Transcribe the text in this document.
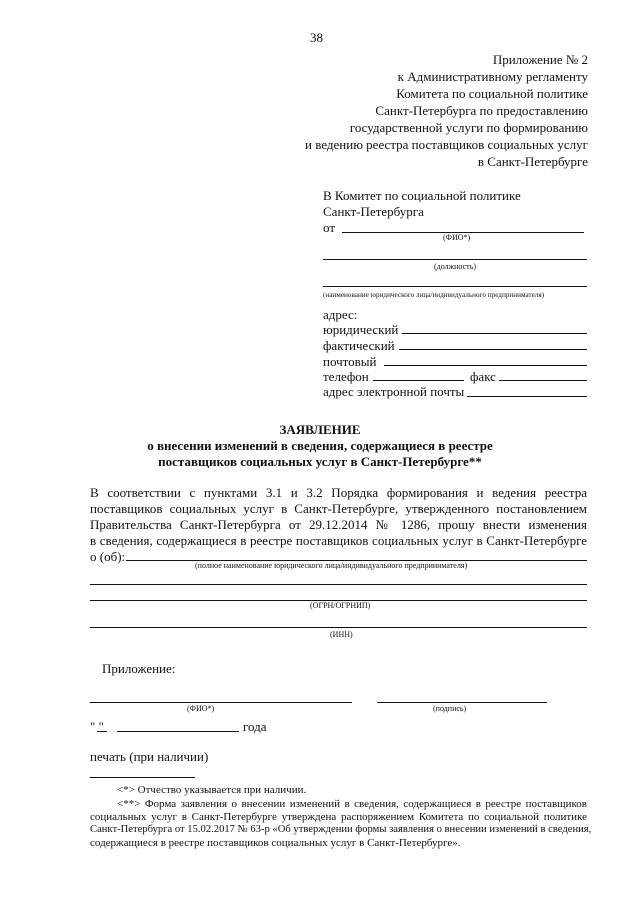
38
Приложение № 2
к Административному регламенту
Комитета по социальной политике
Санкт-Петербурга по предоставлению
государственной услуги по формированию
и ведению реестра поставщиков социальных услуг
в Санкт-Петербурге
В Комитет по социальной политике
Санкт-Петербурга
от
(ФИО*)
(должность)
(наименование юридического лица/индивидуального предпринимателя)
адрес:
юридический
фактический
почтовый
телефон	факс
адрес электронной почты
ЗАЯВЛЕНИЕ
о внесении изменений в сведения, содержащиеся в реестре
поставщиков социальных услуг в Санкт-Петербурге**
В соответствии с пунктами 3.1 и 3.2 Порядка формирования и ведения реестра
поставщиков социальных услуг в Санкт-Петербурге, утвержденного постановлением
Правительства Санкт-Петербурга от 29.12.2014 № 1286, прошу внести изменения
в сведения, содержащиеся в реестре поставщиков социальных услуг в Санкт-Петербурге
о (об):
(полное наименование юридического лица/индивидуального предпринимателя)
(ОГРН/ОГРНИП)
(ИНН)
Приложение:
(ФИО*)	(подпись)
" "	года
печать (при наличии)
<*> Отчество указывается при наличии.
<**> Форма заявления о внесении изменений в сведения, содержащиеся в реестре поставщиков
социальных услуг в Санкт-Петербурге утверждена распоряжением Комитета по социальной политике
Санкт-Петербурга от 15.02.2017 № 63-р «Об утверждении формы заявления о внесении изменений в сведения,
содержащиеся в реестре поставщиков социальных услуг в Санкт-Петербурге».
